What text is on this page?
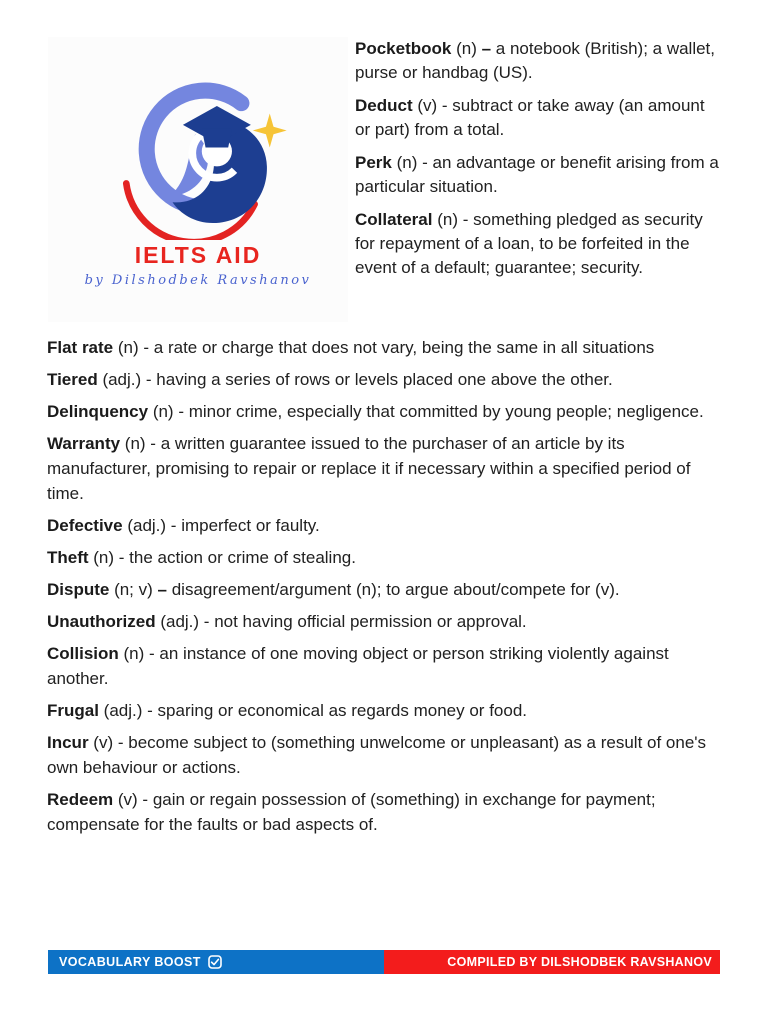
IELTS AID
by Dilshodbek Ravshanov

Pocketbook (n) – a notebook (British); a wallet, purse or handbag (US).

Deduct (v) - subtract or take away (an amount or part) from a total.

Perk (n) - an advantage or benefit arising from a particular situation.

Collateral (n) - something pledged as security for repayment of a loan, to be forfeited in the event of a default; guarantee; security.

Flat rate (n) - a rate or charge that does not vary, being the same in all situations

Tiered (adj.) - having a series of rows or levels placed one above the other.

Delinquency (n) - minor crime, especially that committed by young people; negligence.

Warranty (n) - a written guarantee issued to the purchaser of an article by its manufacturer, promising to repair or replace it if necessary within a specified period of time.

Defective (adj.) - imperfect or faulty.

Theft (n) - the action or crime of stealing.

Dispute (n; v) – disagreement/argument (n); to argue about/compete for (v).

Unauthorized (adj.) - not having official permission or approval.

Collision (n) - an instance of one moving object or person striking violently against another.

Frugal (adj.) - sparing or economical as regards money or food.

Incur (v) - become subject to (something unwelcome or unpleasant) as a result of one's own behaviour or actions.

Redeem (v) - gain or regain possession of (something) in exchange for payment; compensate for the faults or bad aspects of.

VOCABULARY BOOST	COMPILED BY DILSHODBEK RAVSHANOV
